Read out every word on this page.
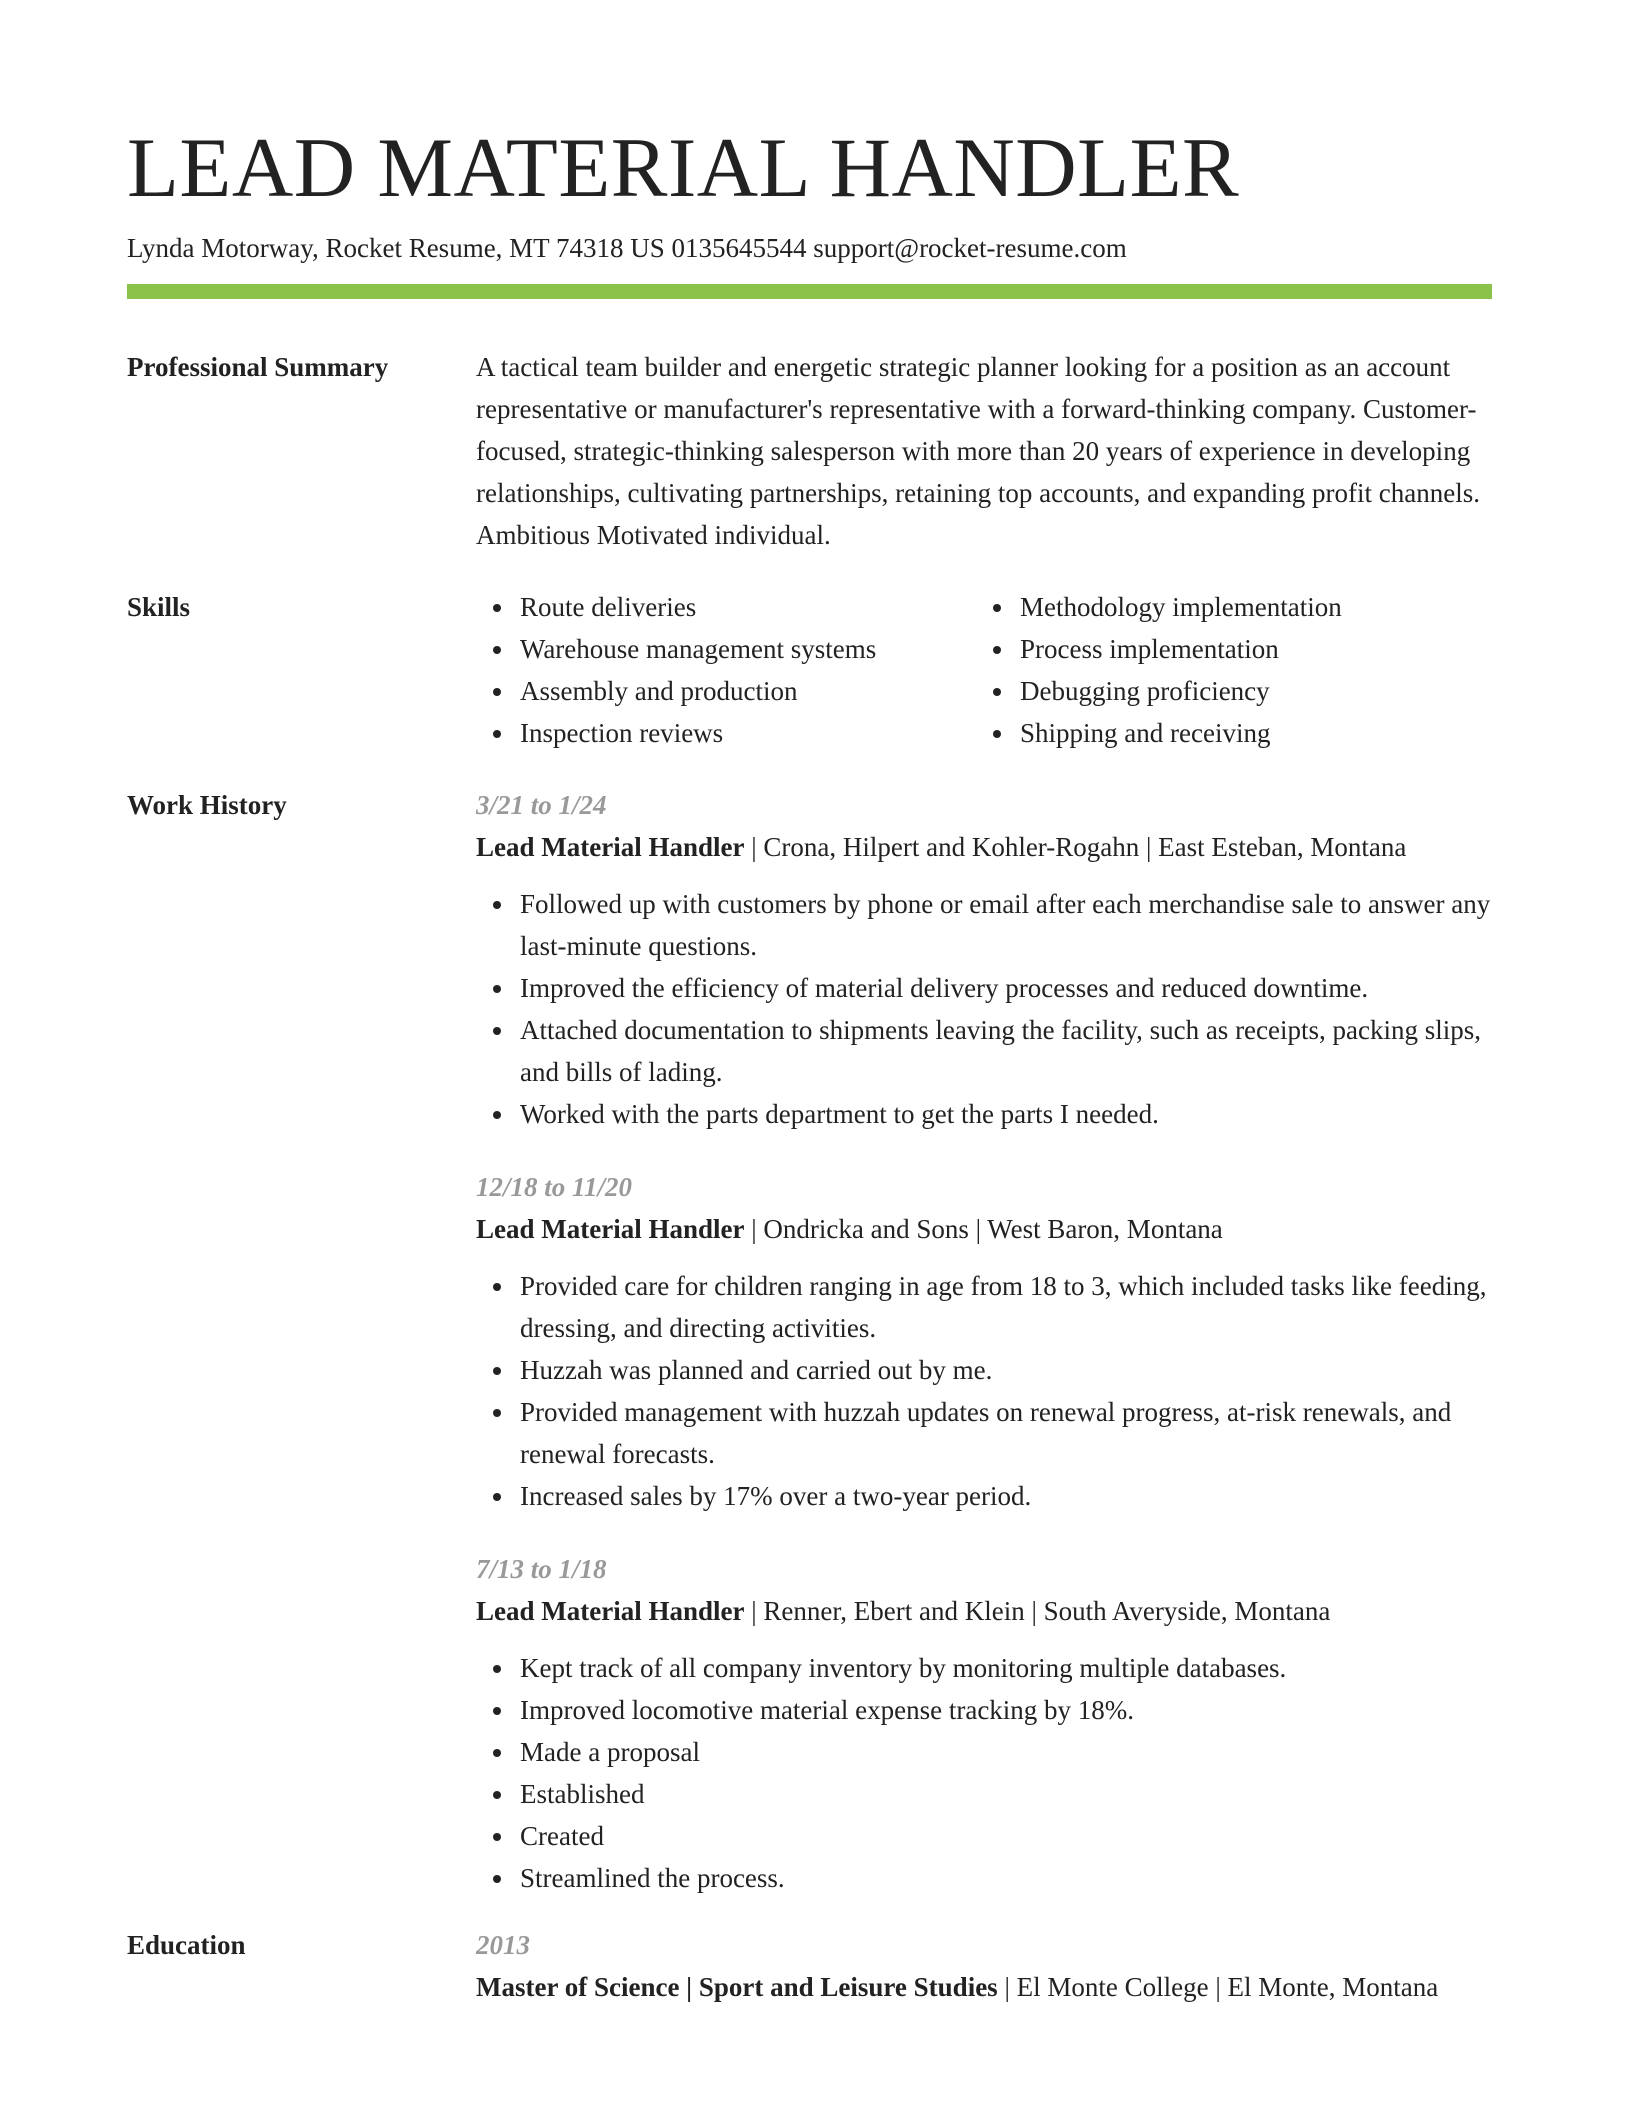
LEAD MATERIAL HANDLER
Lynda Motorway, Rocket Resume, MT 74318 US 0135645544 support@rocket-resume.com
Professional Summary	A tactical team builder and energetic strategic planner looking for a position as an account representative or manufacturer's representative with a forward-thinking company. Customer-focused, strategic-thinking salesperson with more than 20 years of experience in developing relationships, cultivating partnerships, retaining top accounts, and expanding profit channels. Ambitious Motivated individual.

Skills	Route deliveries
Warehouse management systems
Assembly and production
Inspection reviews
Methodology implementation
Process implementation
Debugging proficiency
Shipping and receiving
Work History	3/21 to 1/24

Lead Material Handler | Crona, Hilpert and Kohler-Rogahn | East Esteban, Montana

Followed up with customers by phone or email after each merchandise sale to answer any last-minute questions.
Improved the efficiency of material delivery processes and reduced downtime.
Attached documentation to shipments leaving the facility, such as receipts, packing slips, and bills of lading.
Worked with the parts department to get the parts I needed.

12/18 to 11/20

Lead Material Handler | Ondricka and Sons | West Baron, Montana

Provided care for children ranging in age from 18 to 3, which included tasks like feeding, dressing, and directing activities.
Huzzah was planned and carried out by me.
Provided management with huzzah updates on renewal progress, at-risk renewals, and renewal forecasts.
Increased sales by 17% over a two-year period.

7/13 to 1/18

Lead Material Handler | Renner, Ebert and Klein | South Averyside, Montana

Kept track of all company inventory by monitoring multiple databases.
Improved locomotive material expense tracking by 18%.
Made a proposal
Established
Created
Streamlined the process.
Education	2013

Master of Science | Sport and Leisure Studies | El Monte College | El Monte, Montana
